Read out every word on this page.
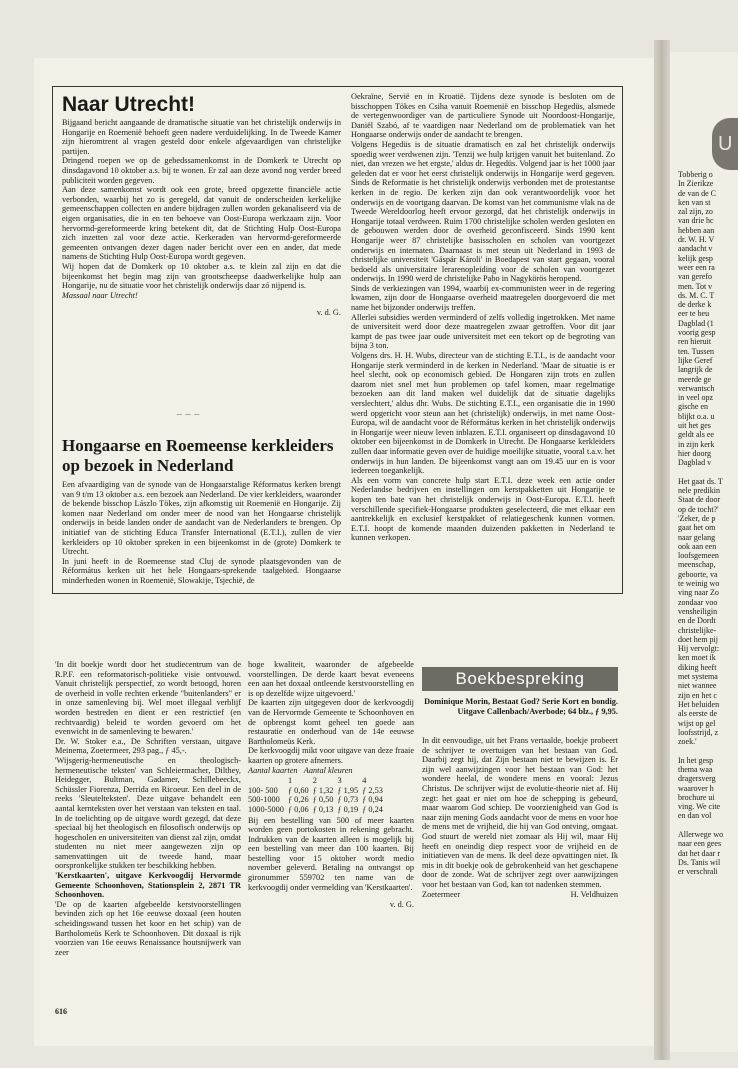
U

Tobberig o

In Zierikze

de van de C

ken van st

zal zijn, zo

van drie hc

hebben aan

dr. W. H. V

aandacht v

kelijk gesp

weer een ra

van gerefo

men. Tot v

ds. M. C. T

de derke k

eer te beu

Dagblad (1

voorig gesp

ren hieruit

ten. Tussen

lijke Geref

langrijk de

meerde ge

verwantsch

in veel opz

gische en

blijkt o.a. u

uit het ges

geldt als ee

in zijn kerk

hier doorg

Dagblad v

Het gaat ds. T

nele predikin

Staat de door

op de tocht?'

'Zeker, de p

gaat het om

naar gelang

ook aan een

loofsgemeen

meenschap,

geboorte, va

te weinig wo

ving naar Zo

zondaar voo

vensheiligin

en de Dordt

christelijke-

doet hem pij

Hij vervolgt:

ken moet ik

diking heeft

met systema

niet wannee

zijn en het c

Het beluiden

als eerste de

wijst op gel

loofsstrijd, z

zoek.'

In het gesp

thema waa

dragersverg

waarover h

brochure ui

ving. We cite

en dan vol

Allerwege wo

naar een gees

dat het daar r

Ds. Tanis wil

er verschrali

Naar Utrecht!

Bijgaand bericht aangaande de dramatische situatie van het christelijk onderwijs in Hongarije en Roemenië behoeft geen nadere verduidelijking. In de Tweede Kamer zijn hieromtrent al vragen gesteld door enkele afgevaardigen van christelijke partijen.

Dringend roepen we op de gebedssamenkomst in de Domkerk te Utrecht op dinsdagavond 10 oktober a.s. bij te wonen. Er zal aan deze avond nog verder breed publiciteit worden gegeven.

Aan deze samenkomst wordt ook een grote, breed opgezette financiële actie verbonden, waarbij het zo is geregeld, dat vanuit de onderscheiden kerkelijke gemeenschappen collecten en andere bijdragen zullen worden gekanaliseerd via de eigen organisaties, die in en ten behoeve van Oost-Europa werkzaam zijn. Voor hervormd-gereformeerde kring betekent dit, dat de Stichting Hulp Oost-Europa zich inzetten zal voor deze actie. Kerkeraden van hervormd-gereformeerde gemeenten ontvangen dezer dagen nader bericht over een en ander, dat mede namens de Stichting Hulp Oost-Europa wordt gegeven.

Wij hopen dat de Domkerk op 10 oktober a.s. te klein zal zijn en dat die bijeenkomst het begin mag zijn van grootscheepse daadwerkelijke hulp aan Hongarije, nu de situatie voor het christelijk onderwijs daar zó nijpend is.

Massaal naar Utrecht!

v. d. G.

∽∽∽
Hongaarse en Roemeense kerkleiders op bezoek in Nederland

Een afvaardiging van de synode van de Hongaarstalige Réformatus kerken brengt van 9 t/m 13 oktober a.s. een bezoek aan Nederland. De vier kerkleiders, waaronder de bekende bisschop Lászlo Tökes, zijn afkomstig uit Roemenië en Hongarije. Zij komen naar Nederland om onder meer de nood van het Hongaarse christelijk onderwijs in beide landen onder de aandacht van de Nederlanders te brengen. Op initiatief van de stichting Educa Transfer International (E.T.I.), zullen de vier kerkleiders op 10 oktober spreken in een bijeenkomst in de (grote) Domkerk te Utrecht.

In juni heeft in de Roemeense stad Cluj de synode plaatsgevonden van de Réformátus kerken uit het hele Hongaars-sprekende taalgebied. Hongaarse minderheden wonen in Roemenië, Slowakije, Tsjechië, de

Oekraïne, Servië en in Kroatië. Tijdens deze synode is besloten om de bisschoppen Tökes en Csiha vanuit Roemenië en bisschop Hegedüs, alsmede de vertegenwoordiger van de particuliere Synode uit Noordoost-Hongarije, Daniël Szabó, af te vaardigen naar Nederland om de problematiek van het Hongaarse onderwijs onder de aandacht te brengen.

Volgens Hegedüs is de situatie dramatisch en zal het christelijk onderwijs spoedig weer verdwenen zijn. 'Tenzij we hulp krijgen vanuit het buitenland. Zo niet, dan vrezen we het ergste,' aldus dr. Hegedüs. Volgend jaar is het 1000 jaar geleden dat er voor het eerst christelijk onderwijs in Hongarije werd gegeven. Sinds de Reformatie is het christelijk onderwijs verbonden met de protestantse kerken in de regio. De kerken zijn dan ook verantwoordelijk voor het onderwijs en de voortgang daarvan. De komst van het communisme vlak na de Tweede Wereldoorlog heeft ervoor gezorgd, dat het christelijk onderwijs in Hongarije totaal verdween. Ruim 1700 christelijke scholen werden gesloten en de gebouwen werden door de overheid geconfisceerd. Sinds 1990 kent Hongarije weer 87 christelijke basisscholen en scholen van voortgezet onderwijs en internaten. Daarnaast is met steun uit Nederland in 1993 de christelijke universiteit 'Gáspár Károli' in Boedapest van start gegaan, vooral bedoeld als universitaire lerarenopleiding voor de scholen van voortgezet onderwijs. In 1990 werd de christelijke Pabo in Nagykörös heropend.

Sinds de verkiezingen van 1994, waarbij ex-communisten weer in de regering kwamen, zijn door de Hongaarse overheid maatregelen doorgevoerd die met name het bijzonder onderwijs treffen.

Allerlei subsidies werden verminderd of zelfs volledig ingetrokken. Met name de universiteit werd door deze maatregelen zwaar getroffen. Voor dit jaar kampt de pas twee jaar oude universiteit met een tekort op de begroting van bijna 3 ton.

Volgens drs. H. H. Wubs, directeur van de stichting E.T.I., is de aandacht voor Hongarije sterk verminderd in de kerken in Nederland. 'Maar de situatie is er heel slecht, ook op economisch gebied. De Hongaren zijn trots en zullen daarom niet snel met hun problemen op tafel komen, maar regelmatige bezoeken aan dit land maken wel duidelijk dat de situatie dagelijks verslechtert,' aldus dhr. Wubs. De stichting E.T.I., een organisatie die in 1990 werd opgericht voor steun aan het (christelijk) onderwijs, in met name Oost-Europa, wil de aandacht voor de Réformátus kerken in het christelijk onderwijs in Hongarije weer nieuw leven inblazen. E.T.I. organiseert op dinsdagavond 10 oktober een bijeenkomst in de Domkerk in Utrecht. De Hongaarse kerkleiders zullen daar informatie geven over de huidige moeilijke situatie, vooral t.a.v. het onderwijs in hun landen. De bijeenkomst vangt aan om 19.45 uur en is voor iedereen toegankelijk.

Als een vorm van concrete hulp start E.T.I. deze week een actie onder Nederlandse bedrijven en instellingen om kerstpakketten uit Hongarije te kopen ten bate van het christelijk onderwijs in Oost-Europa. E.T.I. heeft verschillende specifiek-Hongaarse produkten geselecteerd, die met elkaar een aantrekkelijk en exclusief kerstpakket of relatiegeschenk kunnen vormen. E.T.I. hoopt de komende maanden duizenden pakketten in Nederland te kunnen verkopen.

'In dit boekje wordt door het studiecentrum van de R.P.F. een reformatorisch-politieke visie ontvouwd. Vanuit christelijk perspectief, zo wordt betoogd, horen de overheid in volle rechten erkende "buitenlanders" er in onze samenleving bij. Wel moet illegaal verblijf worden bestreden en dient er een restrictief (en rechtvaardig) beleid te worden gevoerd om het evenwicht in de samenleving te bewaren.'

Dr. W. Stoker e.a., De Schriften verstaan, uitgave Meinema, Zoetermeer, 293 pag., ƒ 45,-.

'Wijsgerig-hermeneutische en theologisch-hermeneutische teksten' van Schleiermacher, Dilthey, Heidegger, Bultman, Gadamer, Schillebeeckx, Schüssler Fiorenza, Derrida en Ricoeur. Een deel in de reeks 'Sleutelteksten'. Deze uitgave behandelt een aantal kernteksten over het verstaan van teksten en taal. In de toelichting op de uitgave wordt gezegd, dat deze speciaal bij het theologisch en filosofisch onderwijs op hogescholen en universiteiten van dienst zal zijn, omdat studenten nu niet meer aangewezen zijn op samenvattingen uit de tweede hand, maar oorspronkelijke stukken ter beschikking hebben.

'Kerstkaarten', uitgave Kerkvoogdij Hervormde Gemeente Schoonhoven, Stationsplein 2, 2871 TR Schoonhoven.

'De op de kaarten afgebeelde kerstvoorstellingen bevinden zich op het 16e eeuwse doxaal (een houten scheidingswand tussen het koor en het schip) van de Bartholomeüs Kerk te Schoonhoven. Dit doxaal is rijk voorzien van 16e eeuws Renaissance houtsnijwerk van zeer

hoge kwaliteit, waaronder de afgebeelde voorstellingen. De derde kaart bevat eveneens een aan het doxaal ontleende kerstvoorstelling en is op dezelfde wijze uitgevoerd.'

De kaarten zijn uitgegeven door de kerkvoogdij van de Hervormde Gemeente te Schoonhoven en de opbrengst komt geheel ten goede aan restauratie en onderhoud van de 14e eeuwse Bartholomeüs Kerk.

De kerkvoogdij mikt voor uitgave van deze fraaie kaarten op grotere afnemers.

Aantal kaarten Aantal kleuren
	1	2	3	4
100- 500	ƒ 0,60	ƒ 1,32	ƒ 1,95	ƒ 2,53
500-1000	ƒ 0,26	ƒ 0,50	ƒ 0,73	ƒ 0,94
1000-5000	ƒ 0,06	ƒ 0,13	ƒ 0,19	ƒ 0,24

Bij een bestelling van 500 of meer kaarten worden geen portokosten in rekening gebracht. Indrukken van de kaarten alleen is mogelijk bij een bestelling van meer dan 100 kaarten. Bij bestelling voor 15 oktober wordt medio november geleverd. Betaling na ontvangst op gironummer 559702 ten name van de kerkvoogdij onder vermelding van 'Kerstkaarten'.

v. d. G.

Boekbespreking
Dominique Morin, Bestaat God? Serie Kort en bondig. Uitgave Callenbach/Averbode; 64 blz., ƒ 9,95.

In dit eenvoudige, uit het Frans vertaalde, boekje probeert de schrijver te overtuigen van het bestaan van God. Daarbij zegt hij, dat Zijn bestaan niet te bewijzen is. Er zijn wel aanwijzingen voor het bestaan van God: het wondere heelal, de wondere mens en vooral: Jezus Christus. De schrijver wijst de evolutie-theorie niet af. Hij zegt: het gaat er niet om hoe de schepping is gebeurd, maar waarom God schiep. De voorzienigheid van God is naar zijn mening Gods aandacht voor de mens en voor hoe de mens met de vrijheid, die hij van God ontving, omgaat. God stuurt de wereld niet zomaar als Hij wil, maar Hij heeft en oneindig diep respect voor de vrijheid en de initiatieven van de mens. Ik deel deze opvattingen niet. Ik mis in dit boekje ook de gebrokenheid van het geschapene door de zonde. Wat de schrijver zegt over aanwijzingen voor het bestaan van God, kan tot nadenken stemmen.

Zoetermeer	H. Veldhuizen

616
